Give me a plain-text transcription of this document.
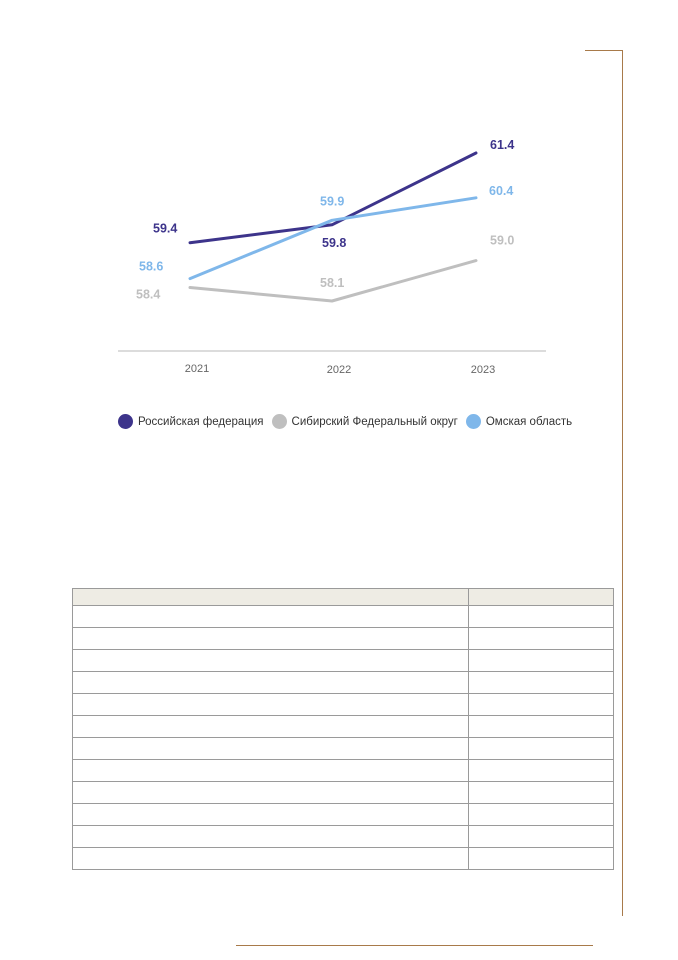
2021	2022	2023
59.4
59.8
61.4
58.4
58.1
59.0
58.6
59.9
60.4
Российская федерация Сибирский Федеральный округ Омская область
